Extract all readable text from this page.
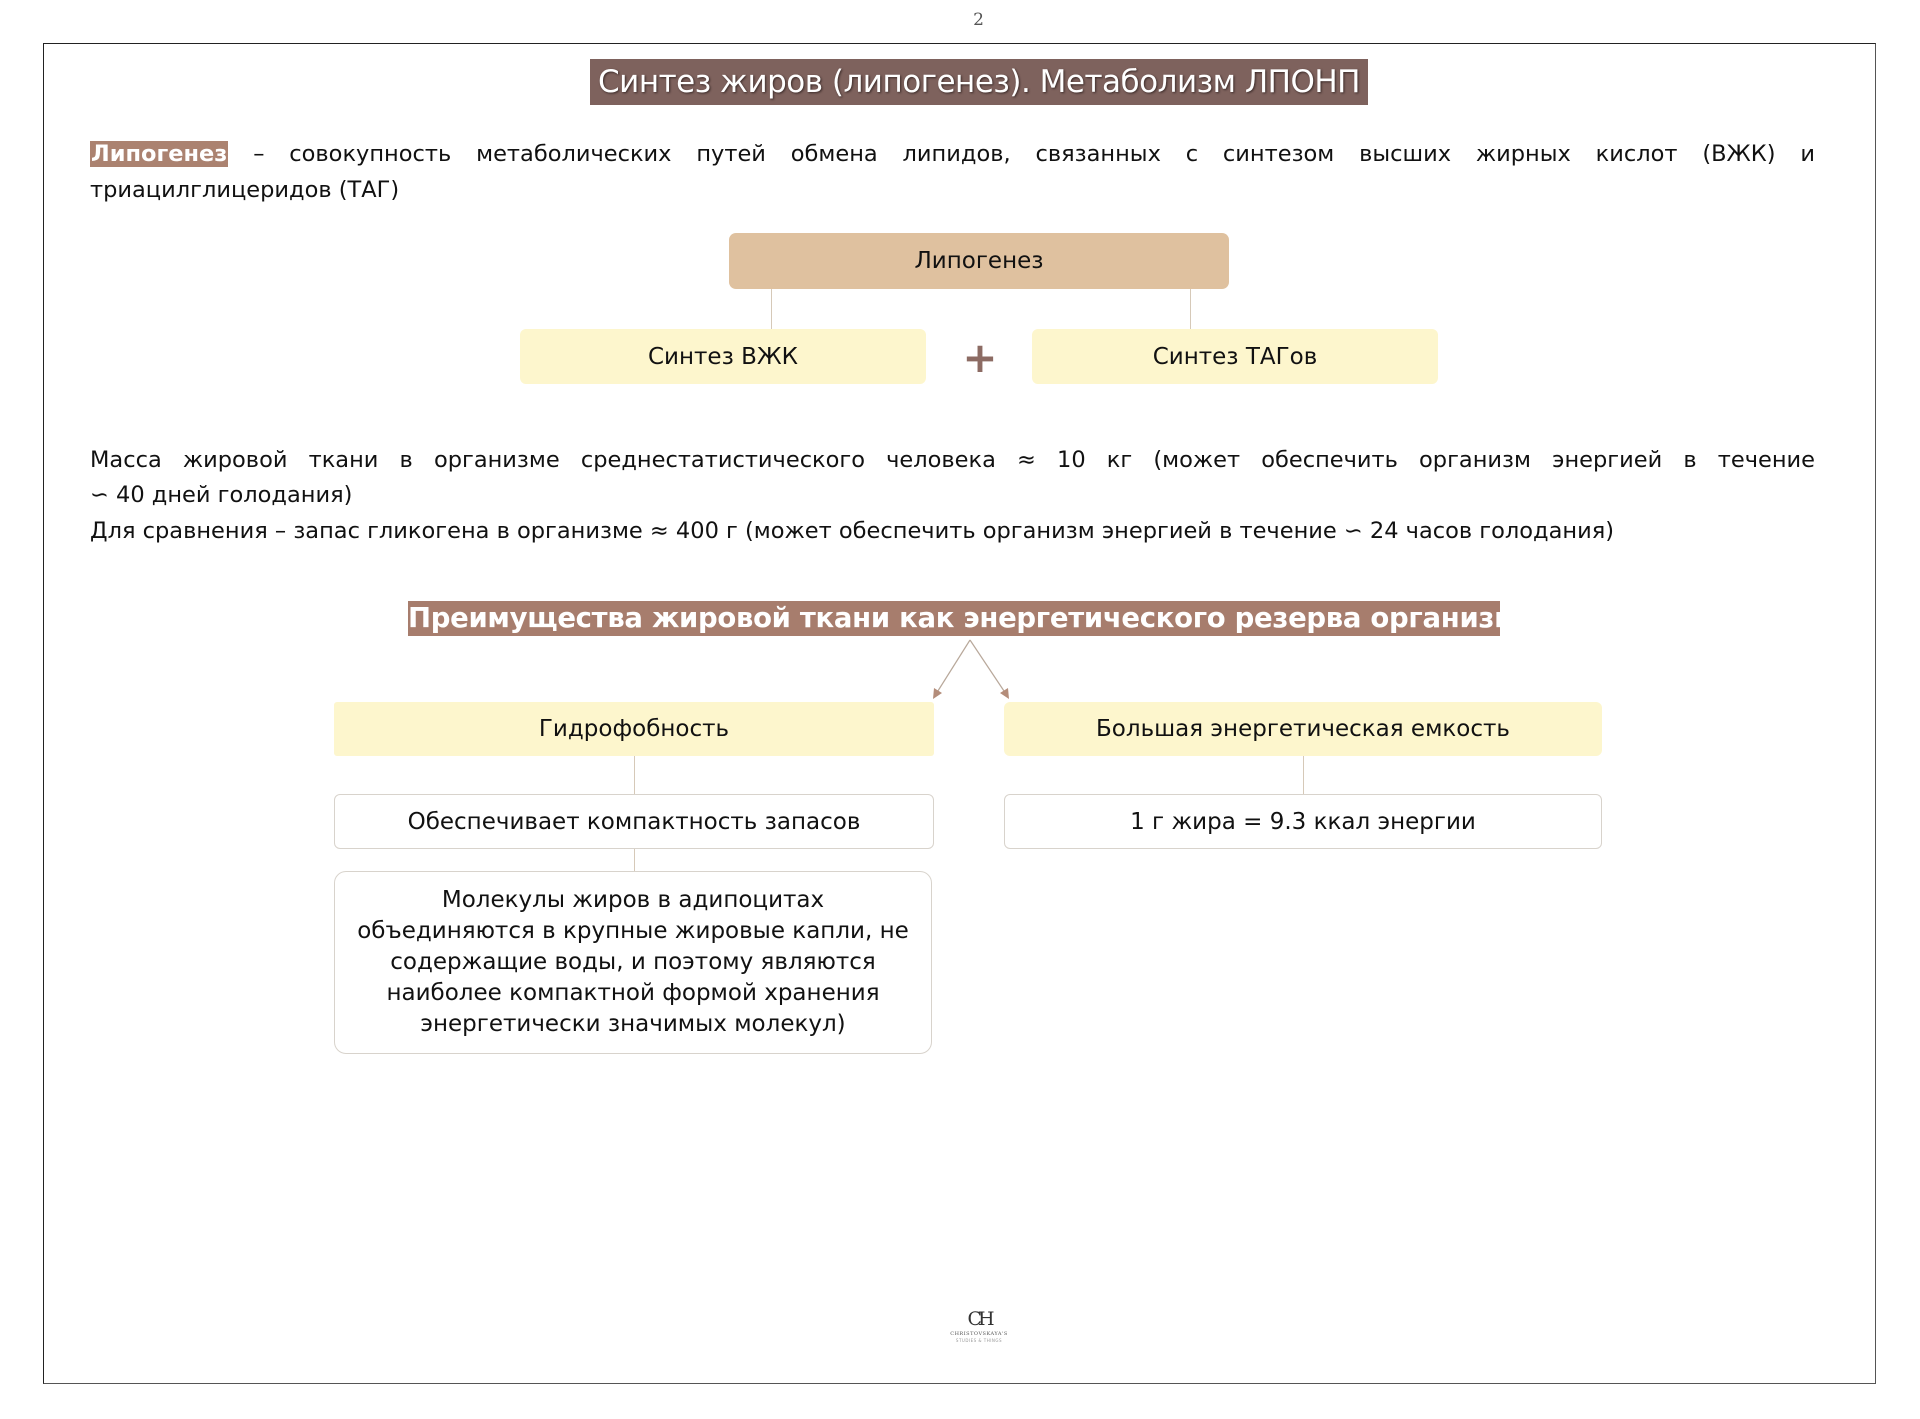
2
Синтез жиров (липогенез). Метаболизм ЛПОНП
Липогенез – совокупность метаболических путей обмена липидов, связанных с синтезом высших жирных кислот (ВЖК) и
триацилглицеридов (ТАГ)
Липогенез
Синтез ВЖК	+	Синтез ТАГов
Масса жировой ткани в организме среднестатистического человека ≈ 10 кг (может обеспечить организм энергией в течение
∽ 40 дней голодания)
Для сравнения – запас гликогена в организме ≈ 400 г (может обеспечить организм энергией в течение ∽ 24 часов голодания)
Преимущества жировой ткани как энергетического резерва организма
Гидрофобность	Большая энергетическая емкость
Обеспечивает компактность запасов	1 г жира = 9.3 ккал энергии
Молекулы жиров в адипоцитах объединяются в крупные жировые капли, не содержащие воды, и поэтому являются наиболее компактной формой хранения энергетически значимых молекул)
CH
CHRISTOVSKAYA'S
STUDIES & THINGS
